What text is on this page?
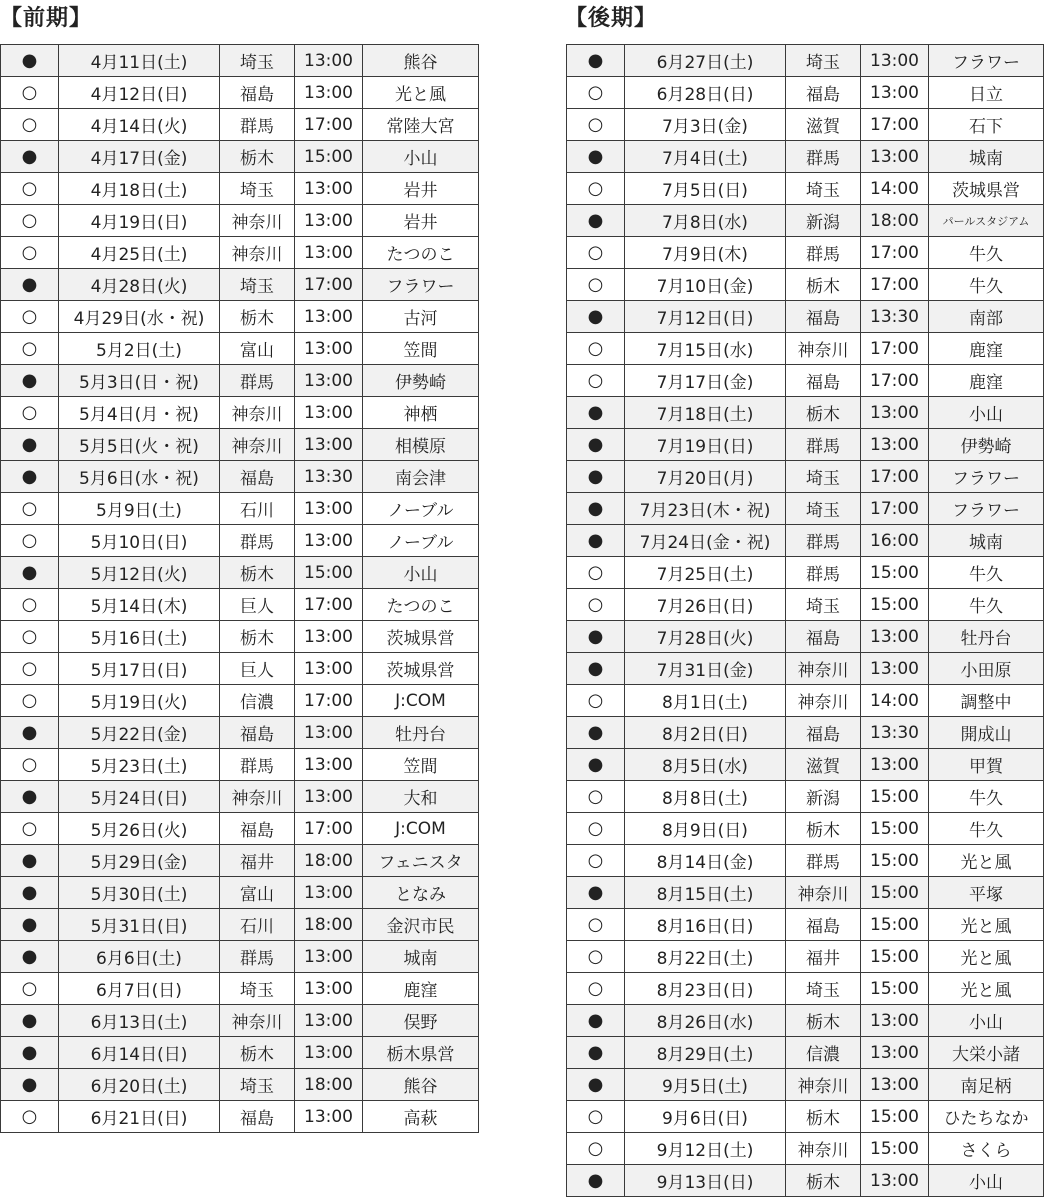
【前期】	【後期】
●	4月11日(土)	埼玉	13:00	熊谷
○	4月12日(日)	福島	13:00	光と風
○	4月14日(火)	群馬	17:00	常陸大宮
●	4月17日(金)	栃木	15:00	小山
○	4月18日(土)	埼玉	13:00	岩井
○	4月19日(日)	神奈川	13:00	岩井
○	4月25日(土)	神奈川	13:00	たつのこ
●	4月28日(火)	埼玉	17:00	フラワー
○	4月29日(水・祝)	栃木	13:00	古河
○	5月2日(土)	富山	13:00	笠間
●	5月3日(日・祝)	群馬	13:00	伊勢崎
○	5月4日(月・祝)	神奈川	13:00	神栖
●	5月5日(火・祝)	神奈川	13:00	相模原
●	5月6日(水・祝)	福島	13:30	南会津
○	5月9日(土)	石川	13:00	ノーブル
○	5月10日(日)	群馬	13:00	ノーブル
●	5月12日(火)	栃木	15:00	小山
○	5月14日(木)	巨人	17:00	たつのこ
○	5月16日(土)	栃木	13:00	茨城県営
○	5月17日(日)	巨人	13:00	茨城県営
○	5月19日(火)	信濃	17:00	J:COM
●	5月22日(金)	福島	13:00	牡丹台
○	5月23日(土)	群馬	13:00	笠間
●	5月24日(日)	神奈川	13:00	大和
○	5月26日(火)	福島	17:00	J:COM
●	5月29日(金)	福井	18:00	フェニスタ
●	5月30日(土)	富山	13:00	となみ
●	5月31日(日)	石川	18:00	金沢市民
●	6月6日(土)	群馬	13:00	城南
○	6月7日(日)	埼玉	13:00	鹿窪
●	6月13日(土)	神奈川	13:00	俣野
●	6月14日(日)	栃木	13:00	栃木県営
●	6月20日(土)	埼玉	18:00	熊谷
○	6月21日(日)	福島	13:00	高萩
●	6月27日(土)	埼玉	13:00	フラワー
○	6月28日(日)	福島	13:00	日立
○	7月3日(金)	滋賀	17:00	石下
●	7月4日(土)	群馬	13:00	城南
○	7月5日(日)	埼玉	14:00	茨城県営
●	7月8日(水)	新潟	18:00	パールスタジアム
○	7月9日(木)	群馬	17:00	牛久
○	7月10日(金)	栃木	17:00	牛久
●	7月12日(日)	福島	13:30	南部
○	7月15日(水)	神奈川	17:00	鹿窪
○	7月17日(金)	福島	17:00	鹿窪
●	7月18日(土)	栃木	13:00	小山
●	7月19日(日)	群馬	13:00	伊勢崎
●	7月20日(月)	埼玉	17:00	フラワー
●	7月23日(木・祝)	埼玉	17:00	フラワー
●	7月24日(金・祝)	群馬	16:00	城南
○	7月25日(土)	群馬	15:00	牛久
○	7月26日(日)	埼玉	15:00	牛久
●	7月28日(火)	福島	13:00	牡丹台
●	7月31日(金)	神奈川	13:00	小田原
○	8月1日(土)	神奈川	14:00	調整中
●	8月2日(日)	福島	13:30	開成山
●	8月5日(水)	滋賀	13:00	甲賀
○	8月8日(土)	新潟	15:00	牛久
○	8月9日(日)	栃木	15:00	牛久
○	8月14日(金)	群馬	15:00	光と風
●	8月15日(土)	神奈川	15:00	平塚
○	8月16日(日)	福島	15:00	光と風
○	8月22日(土)	福井	15:00	光と風
○	8月23日(日)	埼玉	15:00	光と風
●	8月26日(水)	栃木	13:00	小山
●	8月29日(土)	信濃	13:00	大栄小諸
●	9月5日(土)	神奈川	13:00	南足柄
○	9月6日(日)	栃木	15:00	ひたちなか
○	9月12日(土)	神奈川	15:00	さくら
●	9月13日(日)	栃木	13:00	小山
